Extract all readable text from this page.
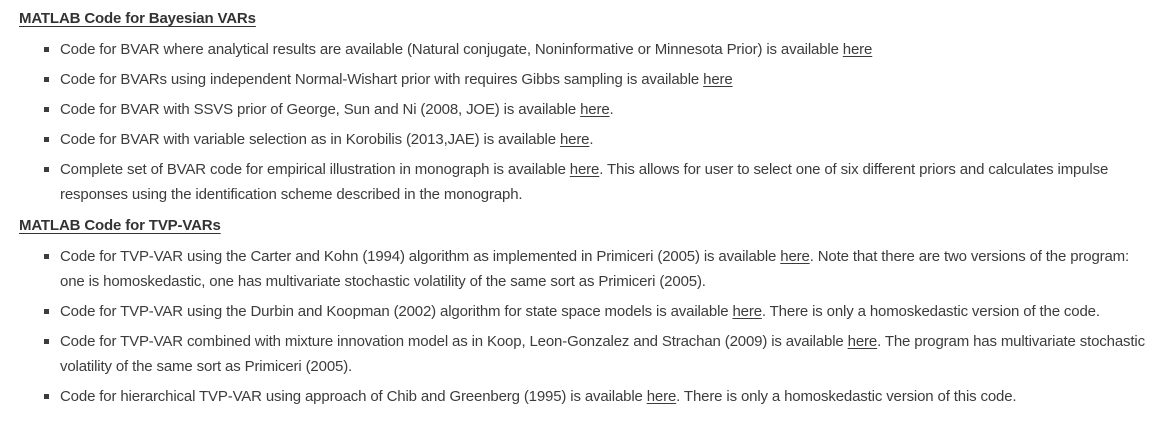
MATLAB Code for Bayesian VARs
Code for BVAR where analytical results are available (Natural conjugate, Noninformative or Minnesota Prior) is available here
Code for BVARs using independent Normal-Wishart prior with requires Gibbs sampling is available here
Code for BVAR with SSVS prior of George, Sun and Ni (2008, JOE) is available here.
Code for BVAR with variable selection as in Korobilis (2013,JAE) is available here.
Complete set of BVAR code for empirical illustration in monograph is available here. This allows for user to select one of six different priors and calculates impulse responses using the identification scheme described in the monograph.
MATLAB Code for TVP-VARs
Code for TVP-VAR using the Carter and Kohn (1994) algorithm as implemented in Primiceri (2005) is available here. Note that there are two versions of the program: one is homoskedastic, one has multivariate stochastic volatility of the same sort as Primiceri (2005).
Code for TVP-VAR using the Durbin and Koopman (2002) algorithm for state space models is available here. There is only a homoskedastic version of the code.
Code for TVP-VAR combined with mixture innovation model as in Koop, Leon-Gonzalez and Strachan (2009) is available here. The program has multivariate stochastic volatility of the same sort as Primiceri (2005).
Code for hierarchical TVP-VAR using approach of Chib and Greenberg (1995) is available here. There is only a homoskedastic version of this code.
